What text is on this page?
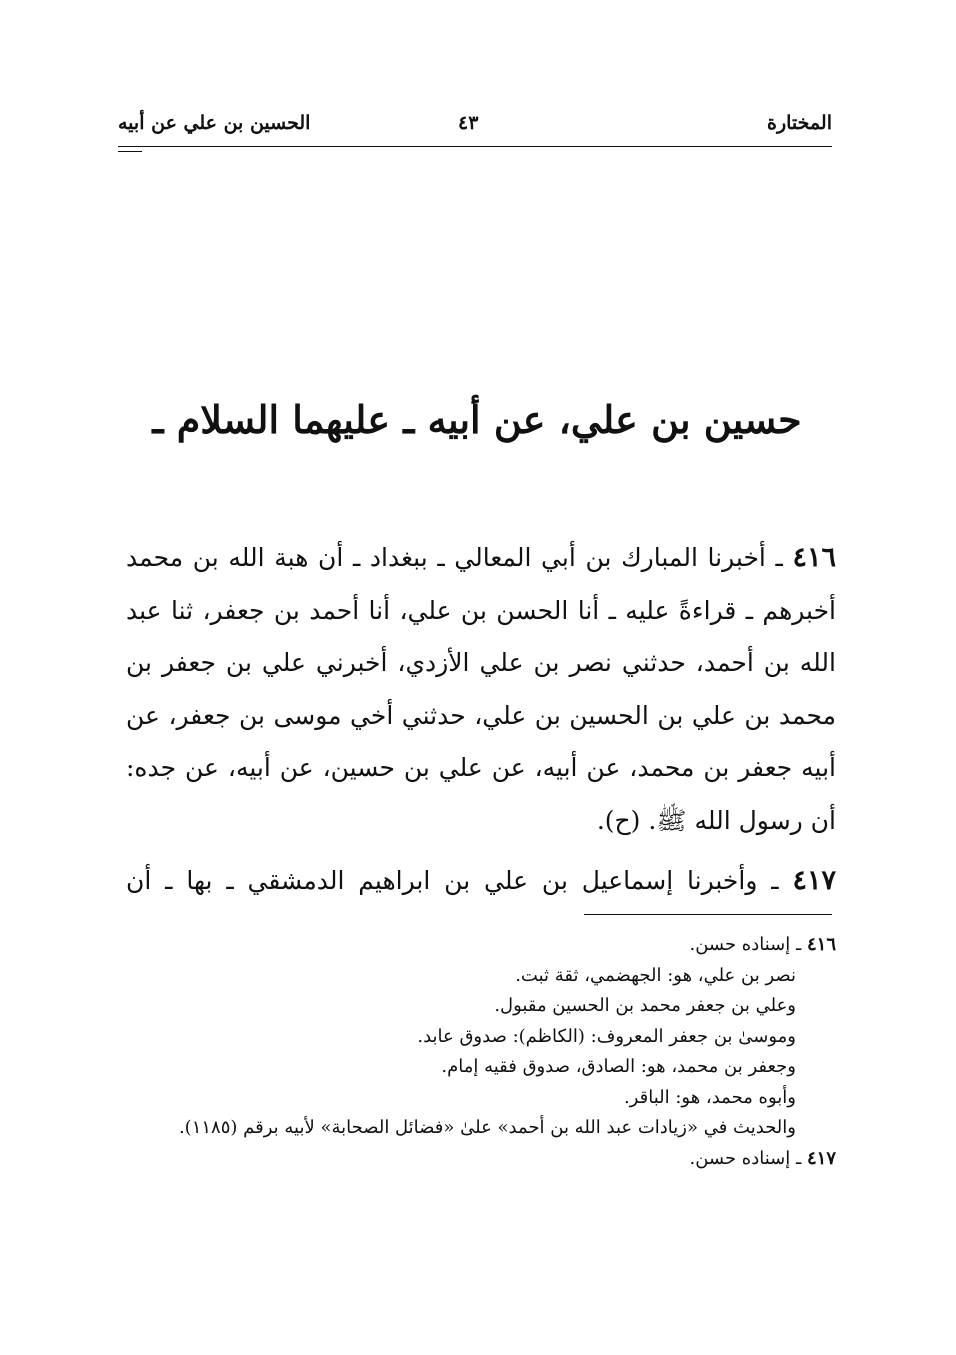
المختارة
٤٣
الحسين بن علي عن أبيه
حسين بن علي، عن أبيه ـ عليهما السلام ـ

٤١٦ ـ أخبرنا المبارك بن أبي المعالي ـ ببغداد ـ أن هبة الله بن محمد أخبرهم ـ قراءةً عليه ـ أنا الحسن بن علي، أنا أحمد بن جعفر، ثنا عبد الله بن أحمد، حدثني نصر بن علي الأزدي، أخبرني علي بن جعفر بن محمد بن علي بن الحسين بن علي، حدثني أخي موسى بن جعفر، عن أبيه جعفر بن محمد، عن أبيه، عن علي بن حسين، عن أبيه، عن جده: أن رسول الله ﷺ. (ح).

٤١٧ ـ وأخبرنا إسماعيل بن علي بن ابراهيم الدمشقي ـ بها ـ أن

٤١٦ ـ إسناده حسن.
نصر بن علي، هو: الجهضمي، ثقة ثبت.
وعلي بن جعفر محمد بن الحسين مقبول.
وموسىٰ بن جعفر المعروف: (الكاظم): صدوق عابد.
وجعفر بن محمد، هو: الصادق، صدوق فقيه إمام.
وأبوه محمد، هو: الباقر.
والحديث في «زيادات عبد الله بن أحمد» علىٰ «فضائل الصحابة» لأبيه برقم (١١٨٥).
٤١٧ ـ إسناده حسن.
